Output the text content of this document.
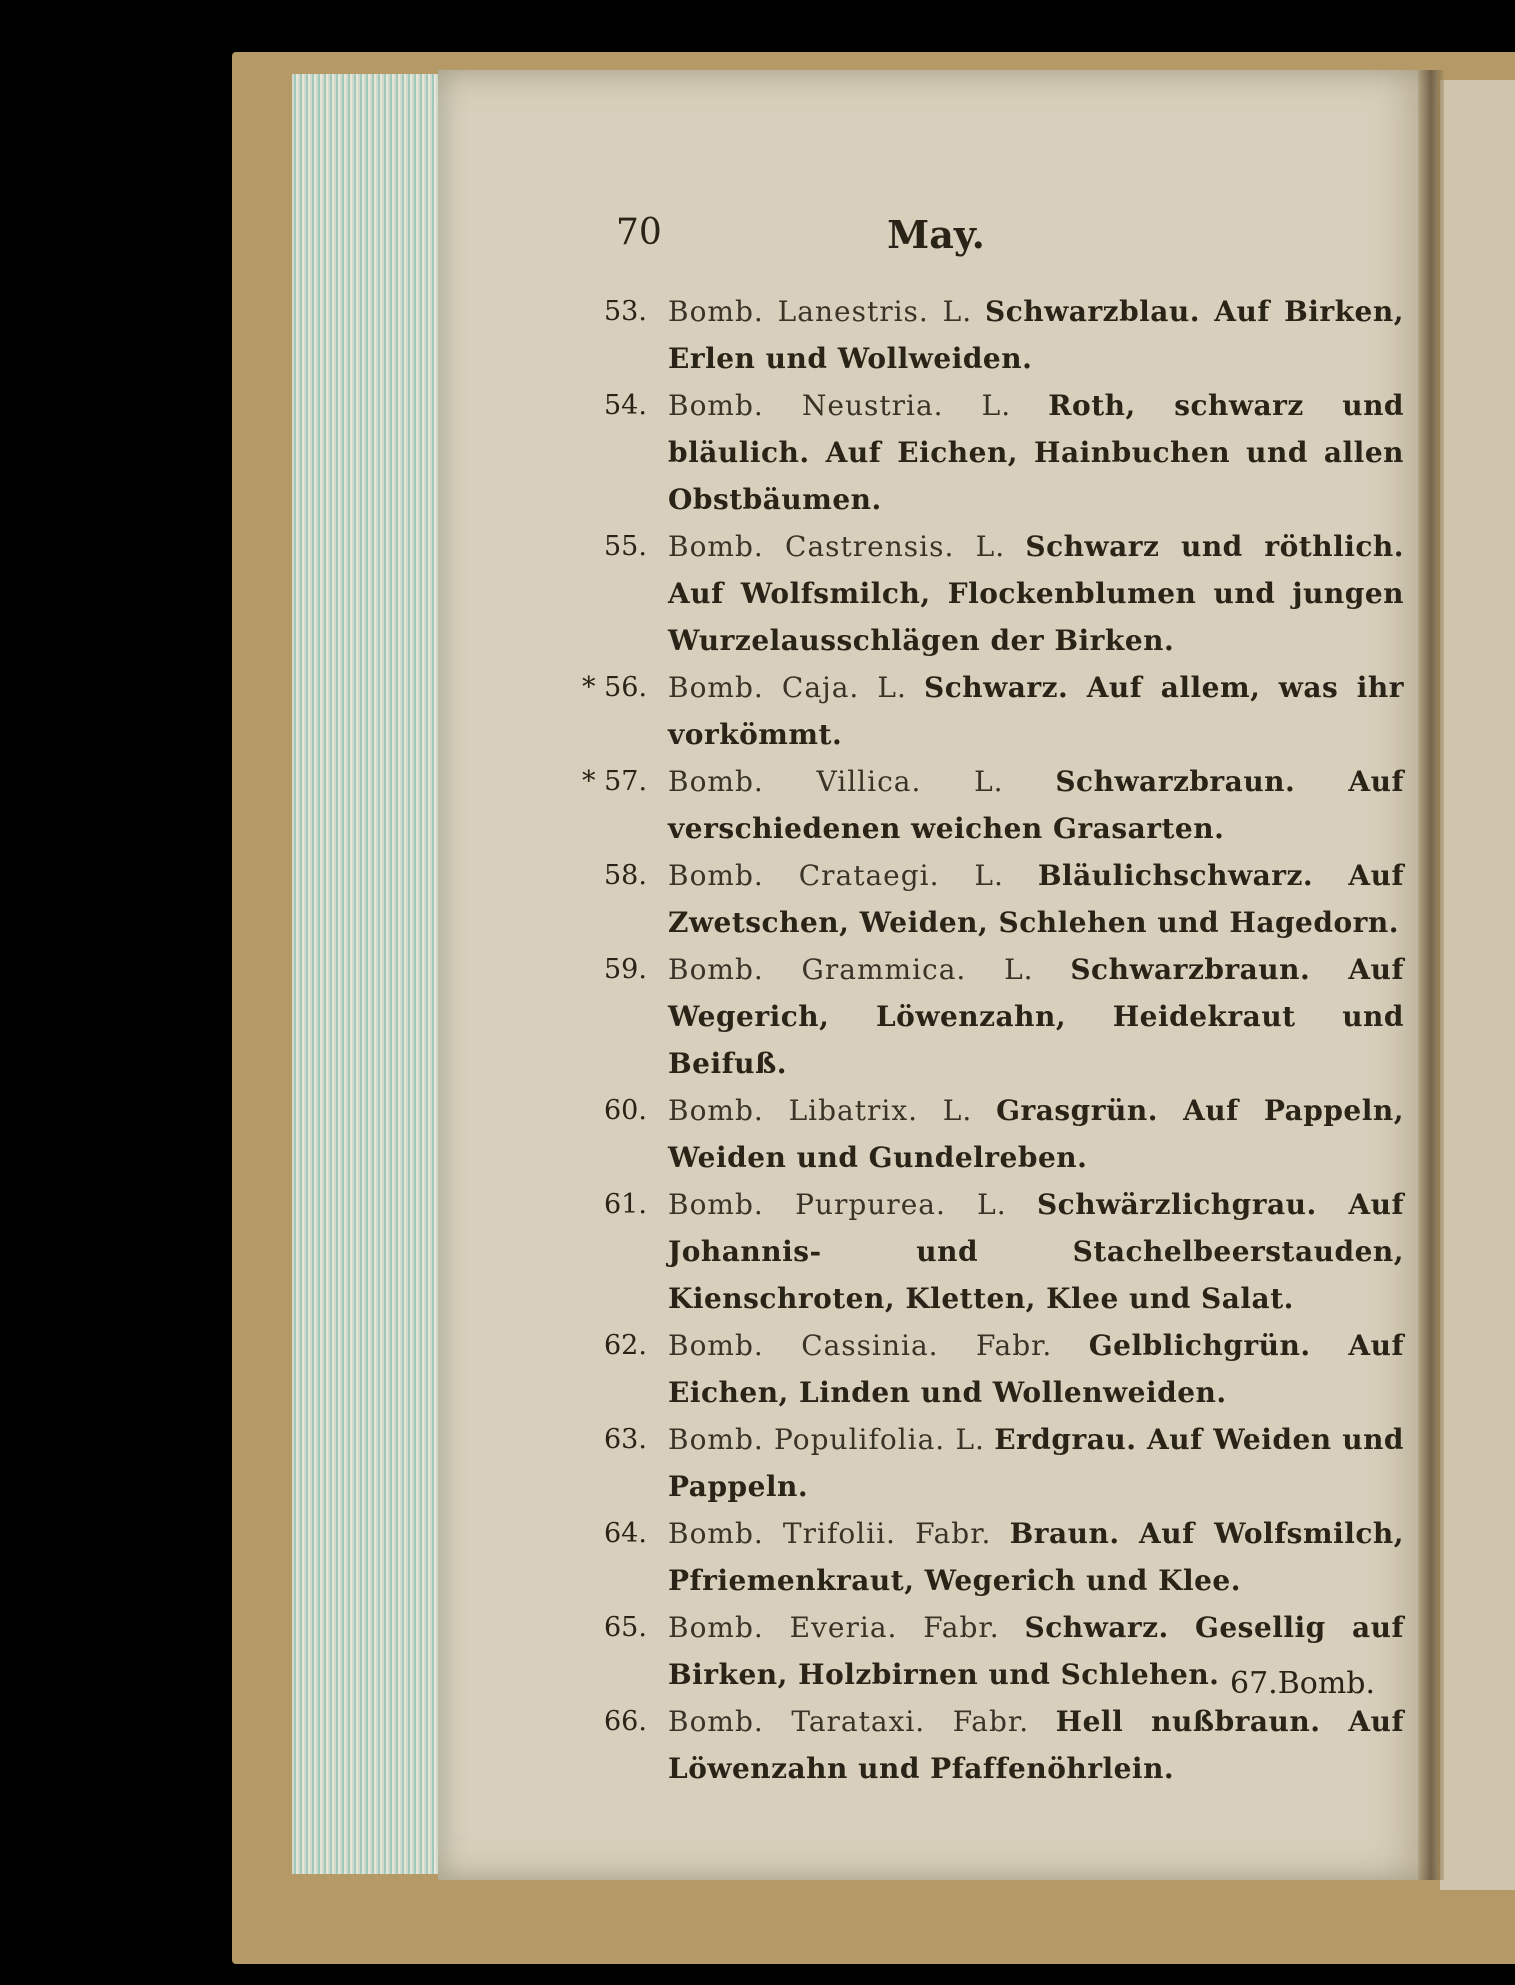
70	May.
53. Bomb. Lanestris. L. Schwarzblau. Auf Birken, Erlen und Wollweiden.
54. Bomb. Neustria. L. Roth, schwarz und bläulich. Auf Eichen, Hainbuchen und allen Obstbäumen.
55. Bomb. Castrensis. L. Schwarz und röthlich. Auf Wolfsmilch, Flockenblumen und jungen Wurzelausschlägen der Birken.
* 56. Bomb. Caja. L. Schwarz. Auf allem, was ihr vorkömmt.
* 57. Bomb. Villica. L. Schwarzbraun. Auf verschiedenen weichen Grasarten.
58. Bomb. Crataegi. L. Bläulichschwarz. Auf Zwetschen, Weiden, Schlehen und Hagedorn.
59. Bomb. Grammica. L. Schwarzbraun. Auf Wegerich, Löwenzahn, Heidekraut und Beifuß.
60. Bomb. Libatrix. L. Grasgrün. Auf Pappeln, Weiden und Gundelreben.
61. Bomb. Purpurea. L. Schwärzlichgrau. Auf Johannis- und Stachelbeerstauden, Kienschroten, Kletten, Klee und Salat.
62. Bomb. Cassinia. Fabr. Gelblichgrün. Auf Eichen, Linden und Wollenweiden.
63. Bomb. Populifolia. L. Erdgrau. Auf Weiden und Pappeln.
64. Bomb. Trifolii. Fabr. Braun. Auf Wolfsmilch, Pfriemenkraut, Wegerich und Klee.
65. Bomb. Everia. Fabr. Schwarz. Gesellig auf Birken, Holzbirnen und Schlehen.
66. Bomb. Tarataxi. Fabr. Hell nußbraun. Auf Löwenzahn und Pfaffenöhrlein.
67.Bomb.
